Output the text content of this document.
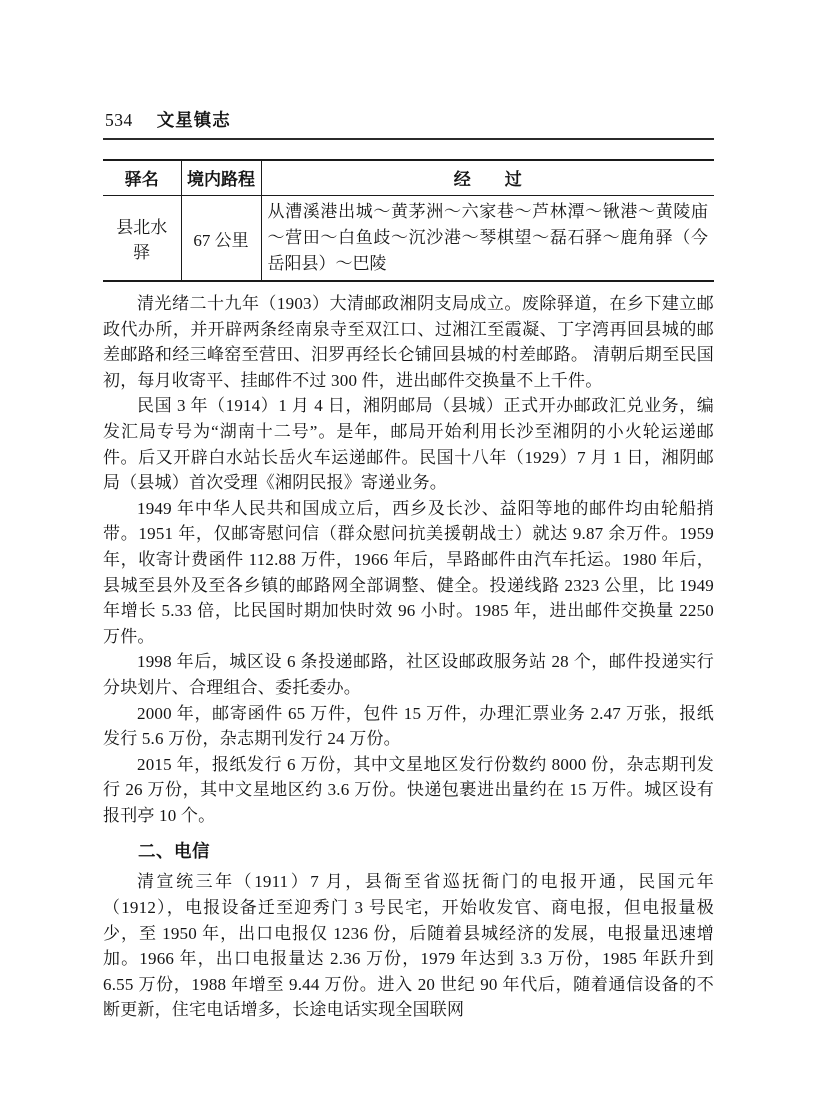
534 文星镇志
驿名	境内路程	经　　过
县北水驿	67 公里	从漕溪港出城～黄茅洲～六家巷～芦林潭～锹港～黄陵庙～营田～白鱼歧～沉沙港～琴棋望～磊石驿～鹿角驿（今岳阳县）～巴陵

清光绪二十九年（1903）大清邮政湘阴支局成立。废除驿道，在乡下建立邮政代办所，并开辟两条经南泉寺至双江口、过湘江至霞凝、丁字湾再回县城的邮差邮路和经三峰窑至营田、汨罗再经长仑铺回县城的村差邮路。 清朝后期至民国初，每月收寄平、挂邮件不过 300 件，进出邮件交换量不上千件。

民国 3 年（1914）1 月 4 日，湘阴邮局（县城）正式开办邮政汇兑业务，编发汇局专号为“湖南十二号”。是年，邮局开始利用长沙至湘阴的小火轮运递邮件。后又开辟白水站长岳火车运递邮件。民国十八年（1929）7 月 1 日，湘阴邮局（县城）首次受理《湘阴民报》寄递业务。

1949 年中华人民共和国成立后，西乡及长沙、益阳等地的邮件均由轮船捎带。1951 年，仅邮寄慰问信（群众慰问抗美援朝战士）就达 9.87 余万件。1959 年，收寄计费函件 112.88 万件，1966 年后，旱路邮件由汽车托运。1980 年后，县城至县外及至各乡镇的邮路网全部调整、健全。投递线路 2323 公里，比 1949 年增长 5.33 倍，比民国时期加快时效 96 小时。1985 年，进出邮件交换量 2250 万件。

1998 年后，城区设 6 条投递邮路，社区设邮政服务站 28 个，邮件投递实行分块划片、合理组合、委托委办。

2000 年，邮寄函件 65 万件，包件 15 万件，办理汇票业务 2.47 万张，报纸发行 5.6 万份，杂志期刊发行 24 万份。

2015 年，报纸发行 6 万份，其中文星地区发行份数约 8000 份，杂志期刊发行 26 万份，其中文星地区约 3.6 万份。快递包裹进出量约在 15 万件。城区设有报刊亭 10 个。

二、电信

清宣统三年（1911）7 月，县衙至省巡抚衙门的电报开通，民国元年（1912），电报设备迁至迎秀门 3 号民宅，开始收发官、商电报，但电报量极少，至 1950 年，出口电报仅 1236 份，后随着县城经济的发展，电报量迅速增加。1966 年，出口电报量达 2.36 万份，1979 年达到 3.3 万份，1985 年跃升到 6.55 万份，1988 年增至 9.44 万份。进入 20 世纪 90 年代后，随着通信设备的不断更新，住宅电话增多，长途电话实现全国联网
